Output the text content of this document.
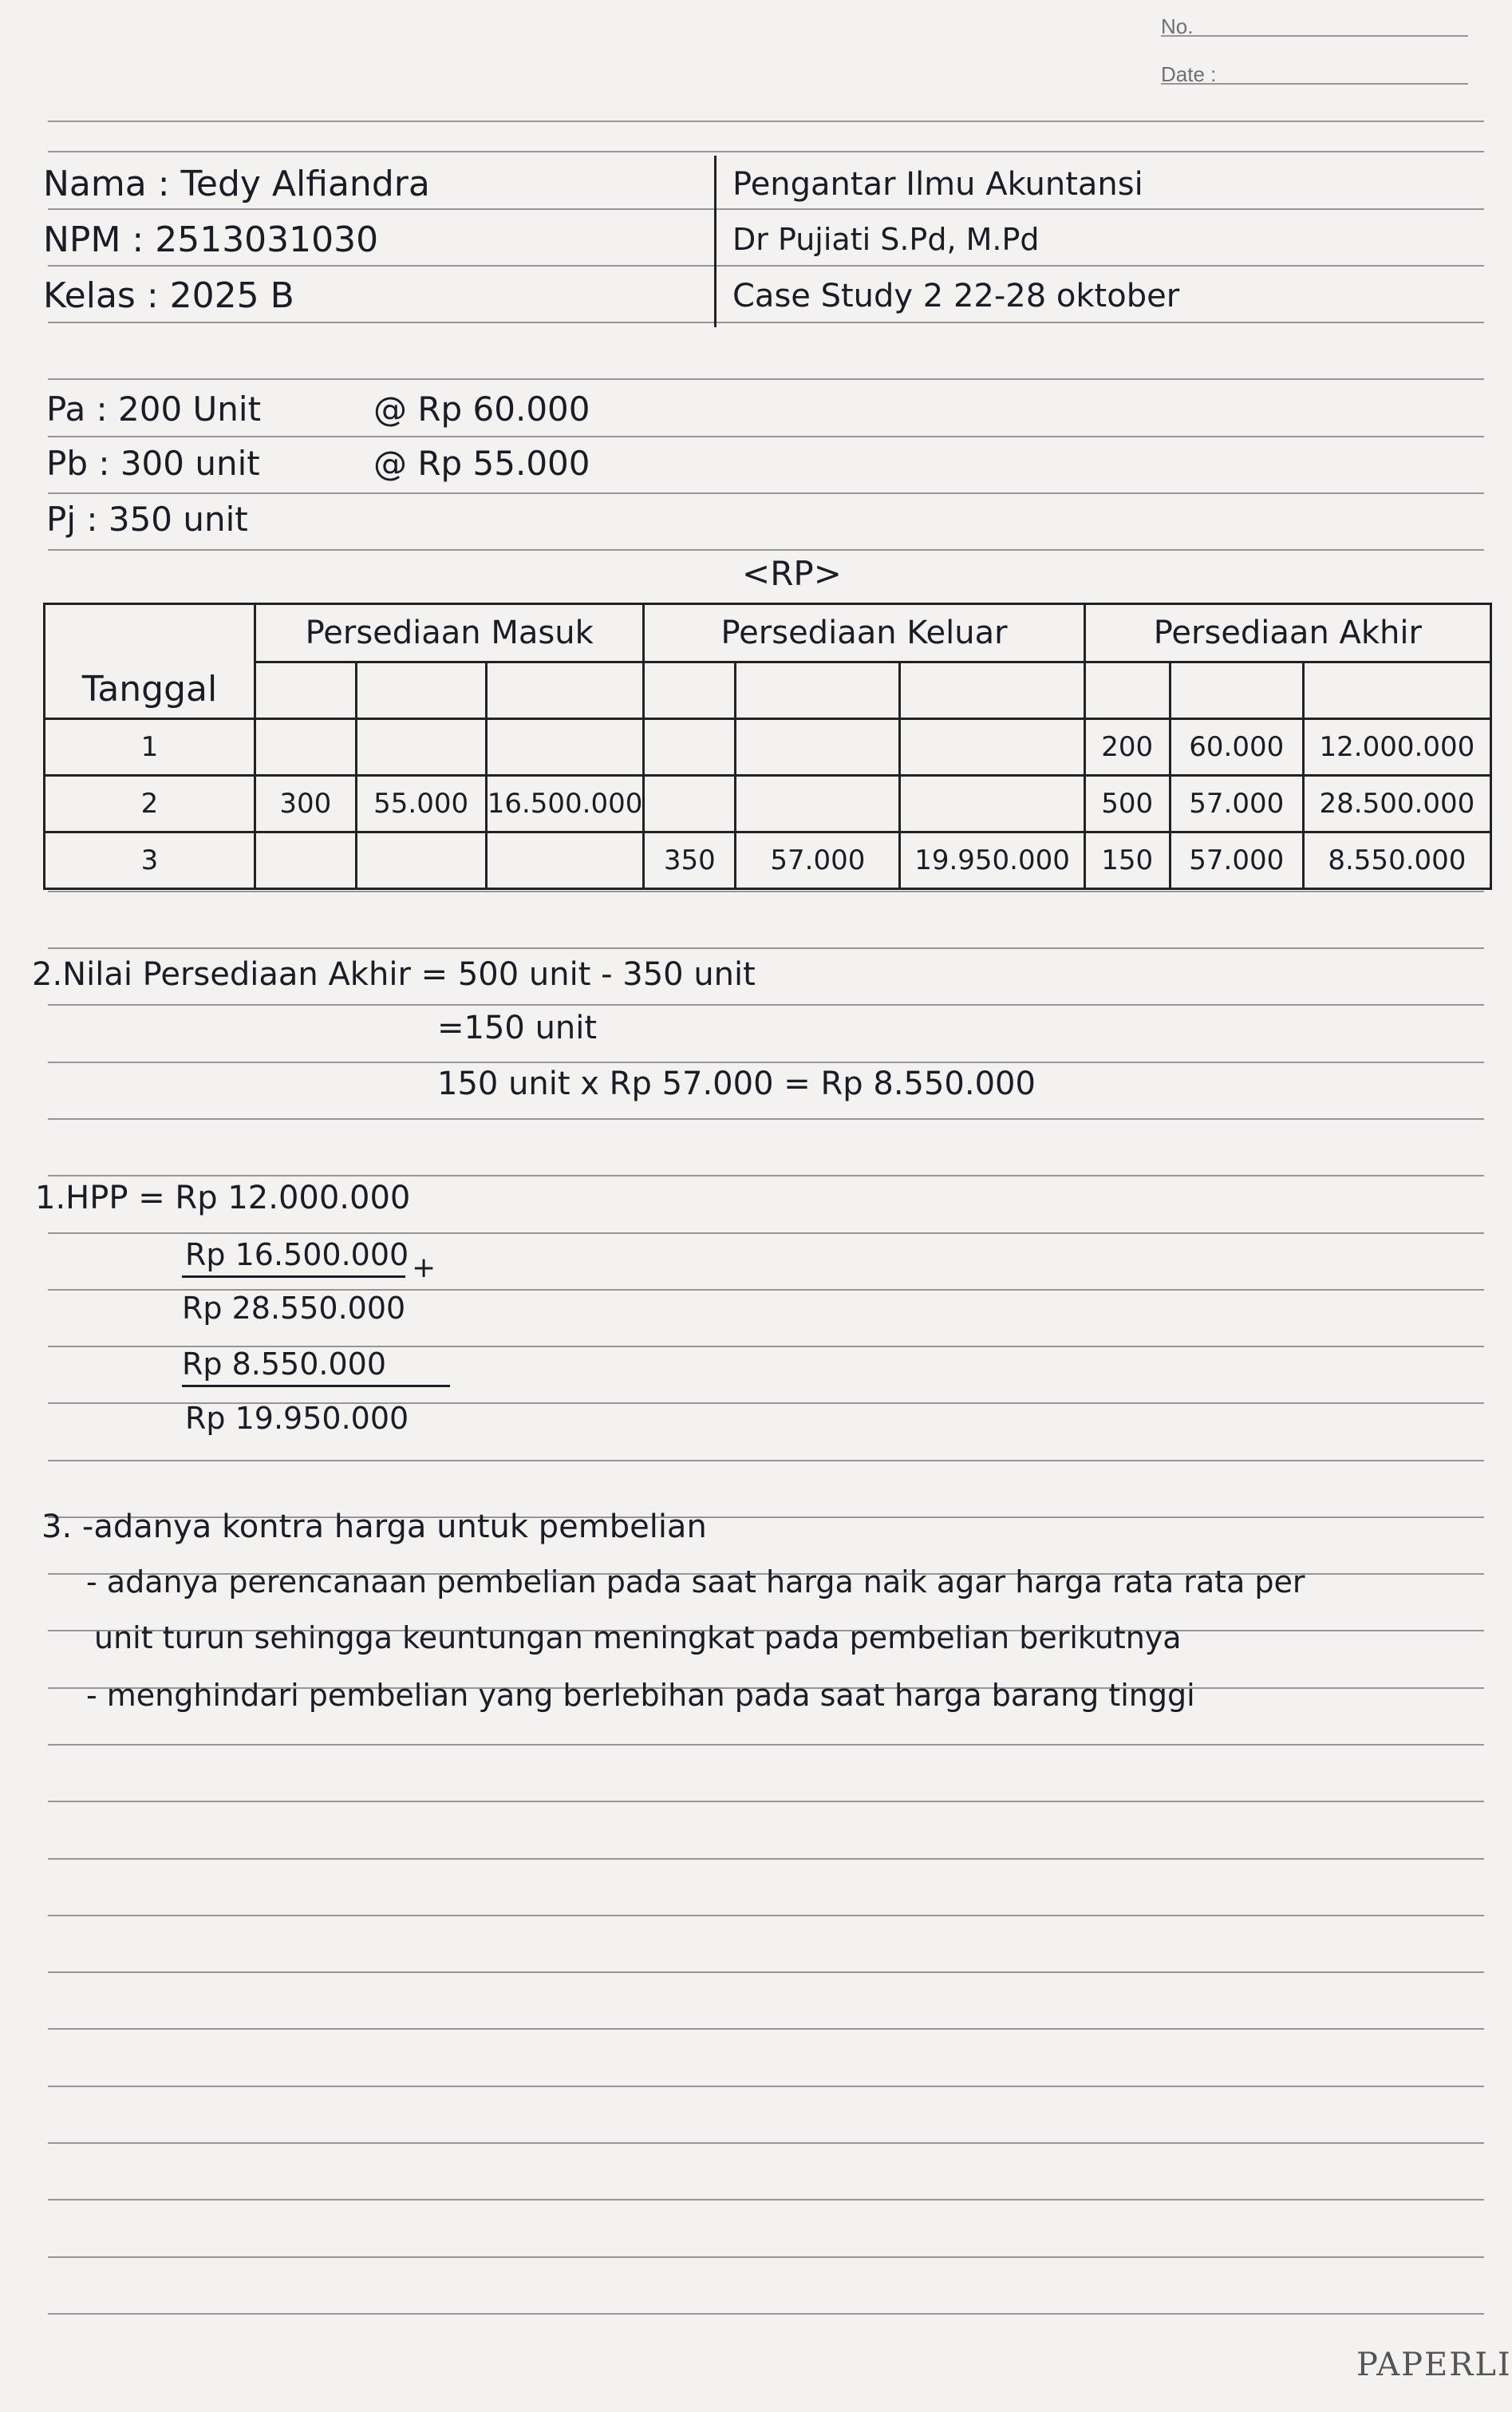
No.
Date :
Nama : Tedy Alfiandra
NPM : 2513031030
Kelas : 2025 B
Pengantar Ilmu Akuntansi
Dr Pujiati S.Pd, M.Pd
Case Study 2 22-28 oktober
Pa : 200 Unit	@ Rp 60.000
Pb : 300 unit	@ Rp 55.000
Pj : 350 unit
<RP>
Tanggal	Persediaan Masuk			Persediaan Keluar			Persediaan Akhir		

1							200	60.000	12.000.000
2	300	55.000	16.500.000				500	57.000	28.500.000
3				350	57.000	19.950.000	150	57.000	8.550.000
2.Nilai Persediaan Akhir = 500 unit - 350 unit
=150 unit
150 unit x Rp 57.000 = Rp 8.550.000
1.HPP = Rp 12.000.000
Rp 16.500.000 +
Rp 28.550.000
Rp 8.550.000
Rp 19.950.000
3. -adanya kontra harga untuk pembelian
- adanya perencanaan pembelian pada saat harga naik agar harga rata rata per
unit turun sehingga keuntungan meningkat pada pembelian berikutnya
- menghindari pembelian yang berlebihan pada saat harga barang tinggi
PAPERLI
